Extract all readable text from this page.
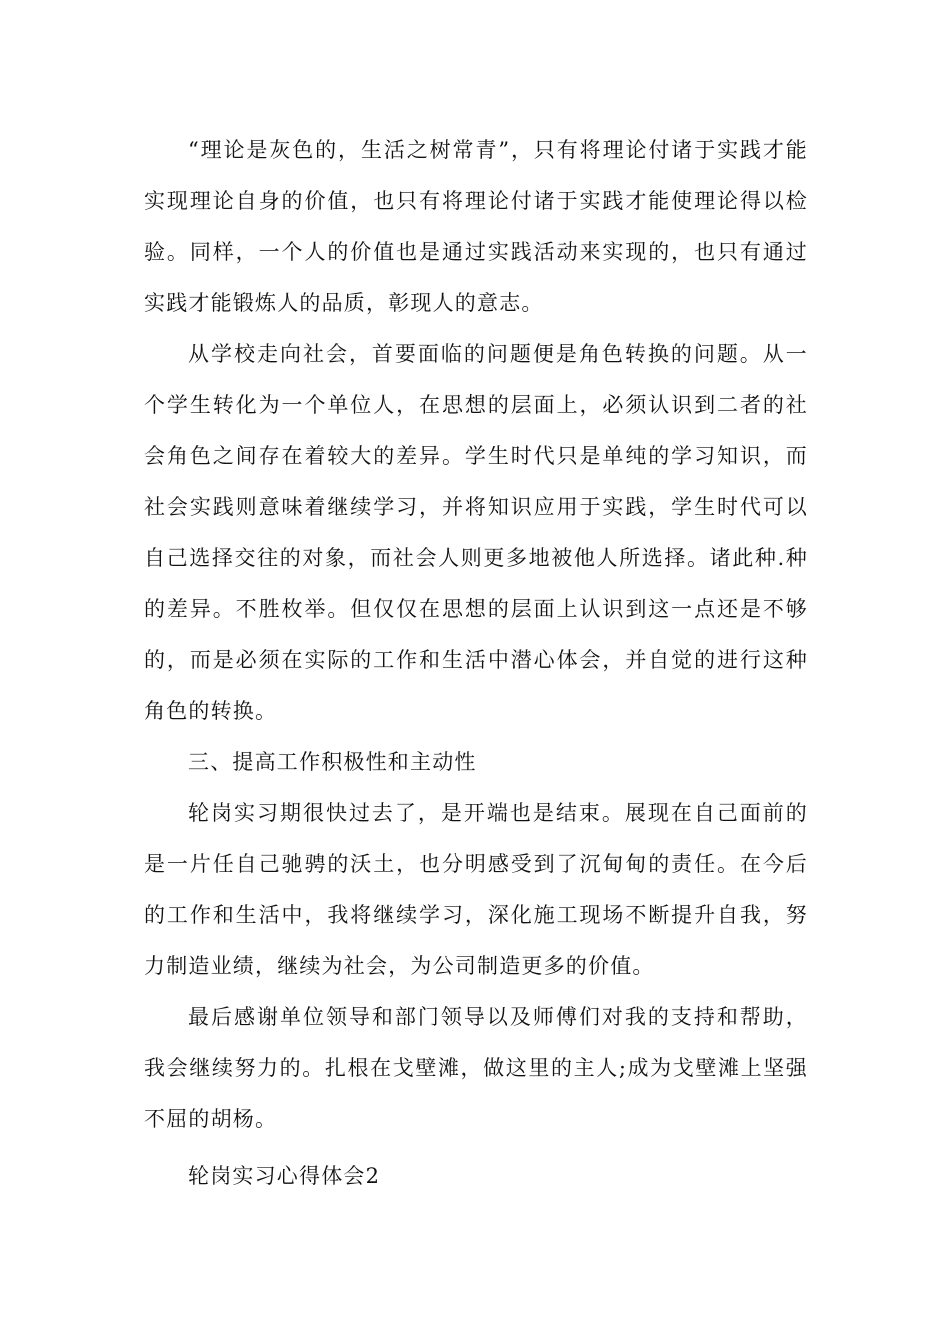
“理论是灰色的，生活之树常青”，只有将理论付诸于实践才能实现理论自身的价值，也只有将理论付诸于实践才能使理论得以检验。同样，一个人的价值也是通过实践活动来实现的，也只有通过实践才能锻炼人的品质，彰现人的意志。

从学校走向社会，首要面临的问题便是角色转换的问题。从一个学生转化为一个单位人，在思想的层面上，必须认识到二者的社会角色之间存在着较大的差异。学生时代只是单纯的学习知识，而社会实践则意味着继续学习，并将知识应用于实践，学生时代可以自己选择交往的对象，而社会人则更多地被他人所选择。诸此种.种的差异。不胜枚举。但仅仅在思想的层面上认识到这一点还是不够的，而是必须在实际的工作和生活中潜心体会，并自觉的进行这种角色的转换。

三、提高工作积极性和主动性

轮岗实习期很快过去了，是开端也是结束。展现在自己面前的是一片任自己驰骋的沃土，也分明感受到了沉甸甸的责任。在今后的工作和生活中，我将继续学习，深化施工现场不断提升自我，努力制造业绩，继续为社会，为公司制造更多的价值。

最后感谢单位领导和部门领导以及师傅们对我的支持和帮助，我会继续努力的。扎根在戈壁滩，做这里的主人;成为戈壁滩上坚强不屈的胡杨。

轮岗实习心得体会2
